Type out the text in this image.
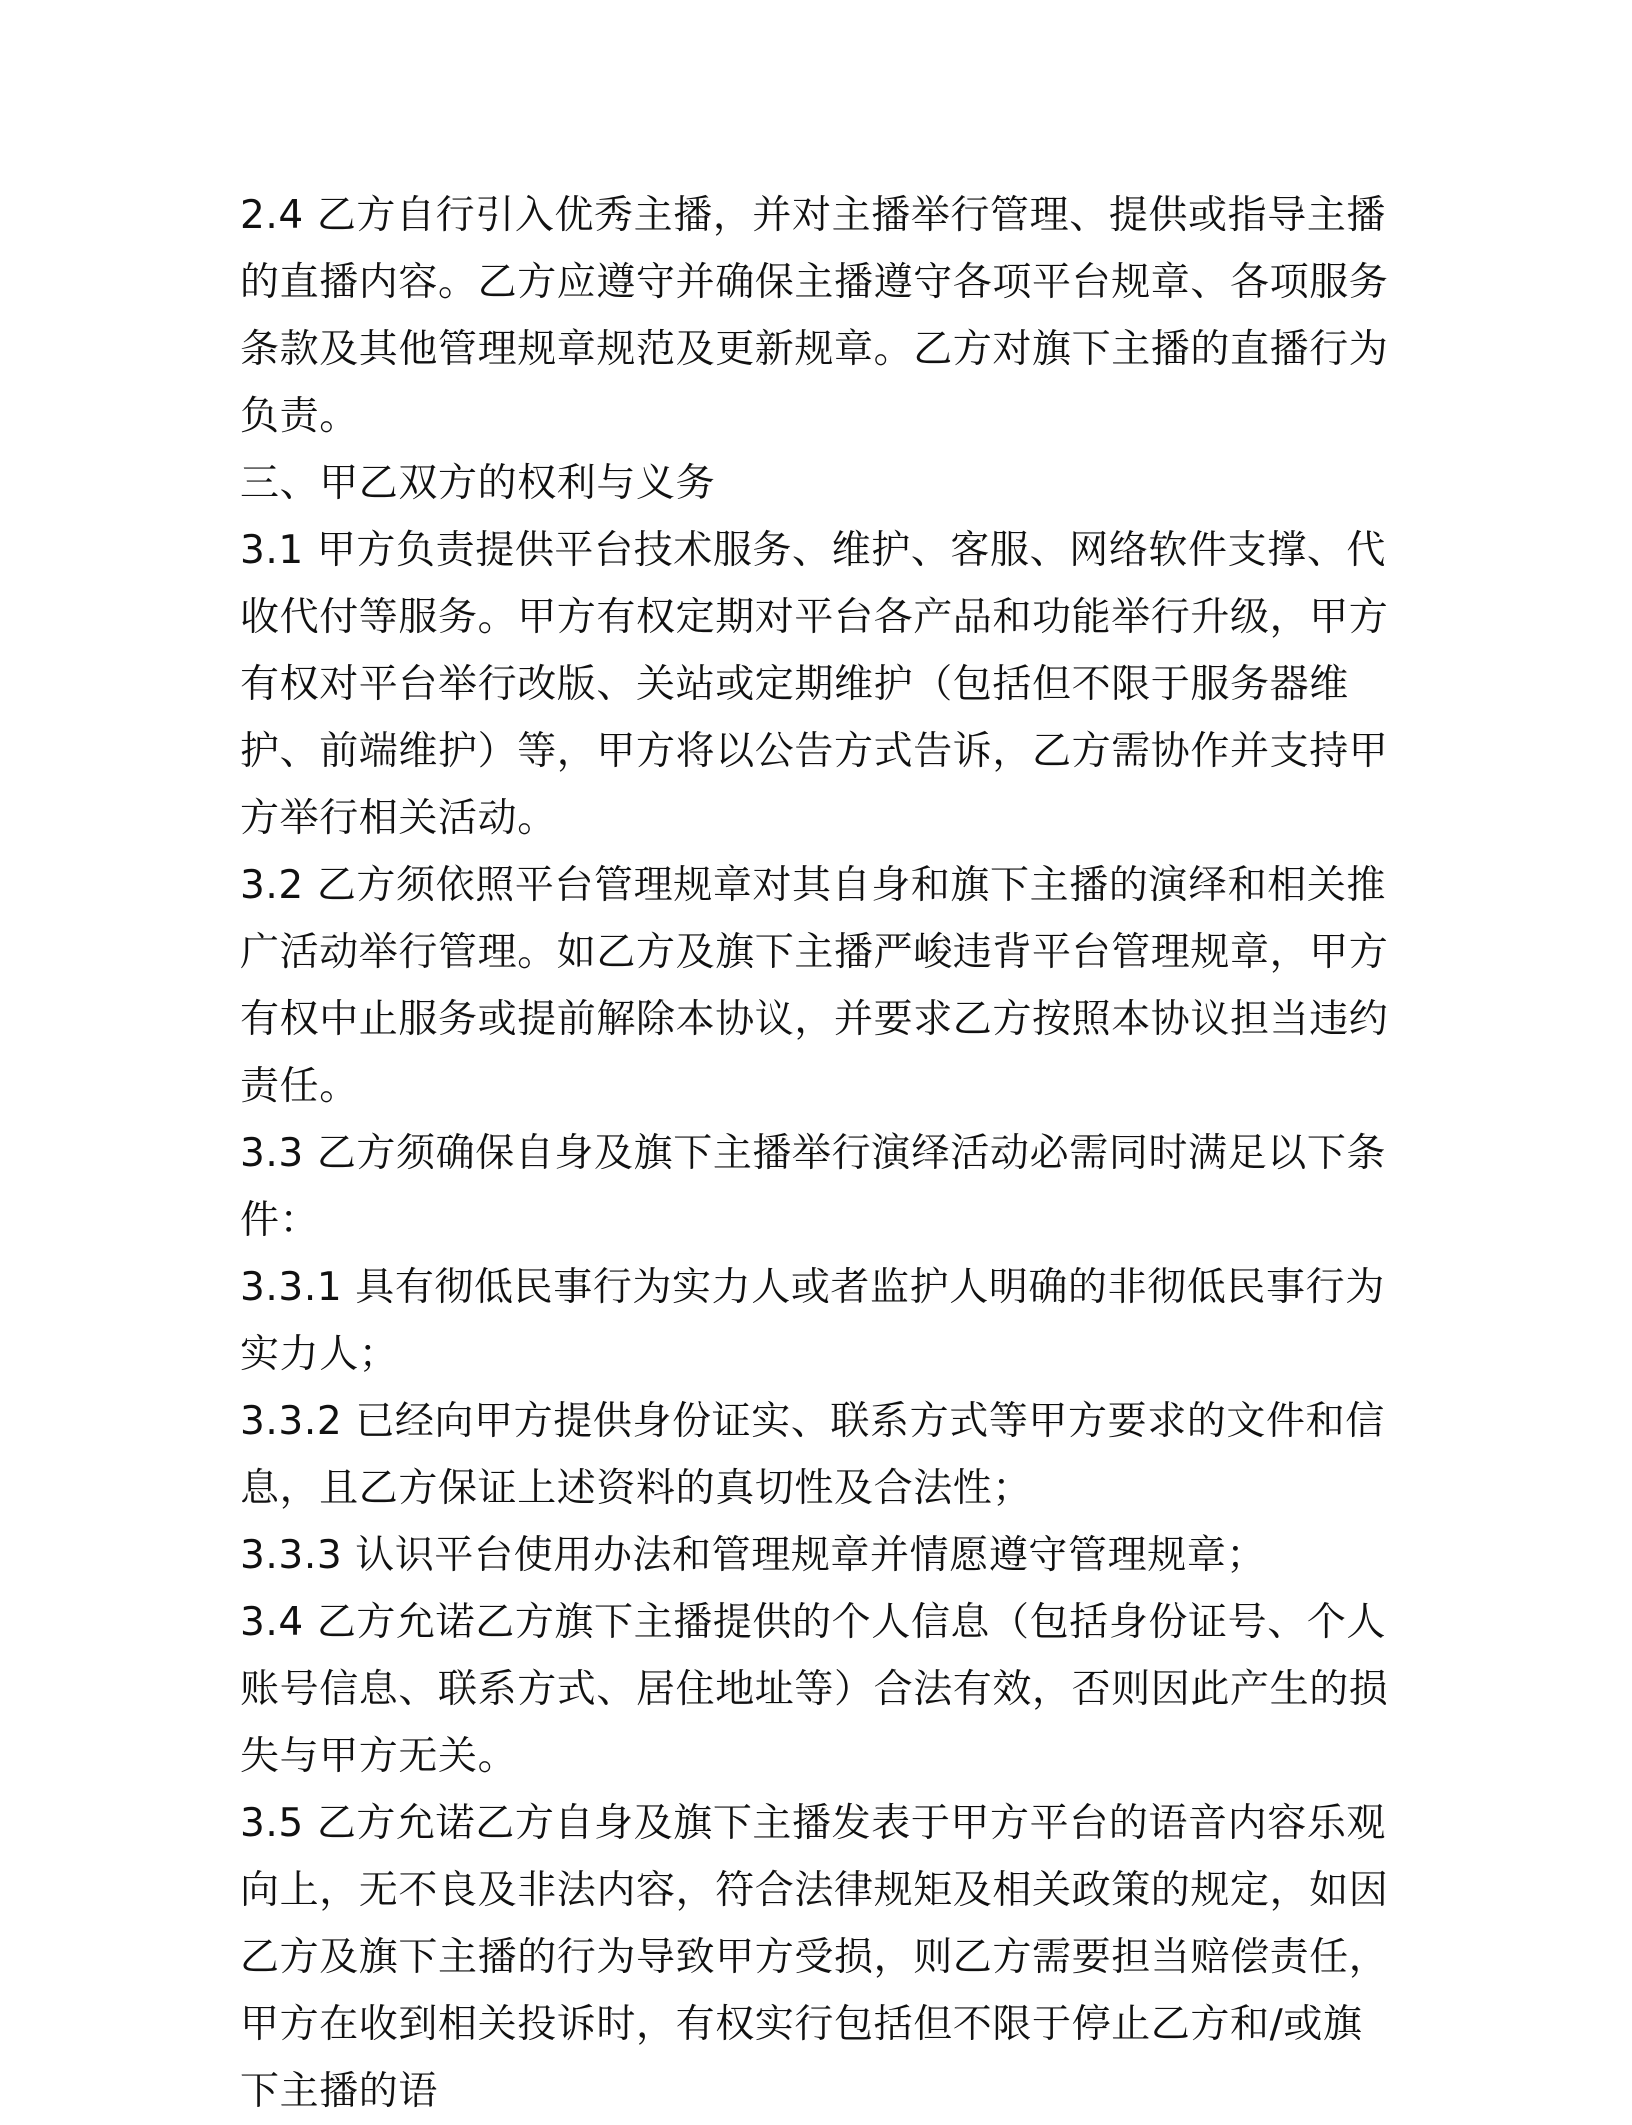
2.4 乙方自行引入优秀主播，并对主播举行管理、提供或指导主播的直播内容。乙方应遵守并确保主播遵守各项平台规章、各项服务条款及其他管理规章规范及更新规章。乙方对旗下主播的直播行为负责。

三、甲乙双方的权利与义务

3.1 甲方负责提供平台技术服务、维护、客服、网络软件支撑、代收代付等服务。甲方有权定期对平台各产品和功能举行升级，甲方有权对平台举行改版、关站或定期维护（包括但不限于服务器维护、前端维护）等，甲方将以公告方式告诉，乙方需协作并支持甲方举行相关活动。

3.2 乙方须依照平台管理规章对其自身和旗下主播的演绎和相关推广活动举行管理。如乙方及旗下主播严峻违背平台管理规章，甲方有权中止服务或提前解除本协议，并要求乙方按照本协议担当违约责任。

3.3 乙方须确保自身及旗下主播举行演绎活动必需同时满足以下条件：

3.3.1 具有彻低民事行为实力人或者监护人明确的非彻低民事行为实力人；

3.3.2 已经向甲方提供身份证实、联系方式等甲方要求的文件和信息，且乙方保证上述资料的真切性及合法性；

3.3.3 认识平台使用办法和管理规章并情愿遵守管理规章；

3.4 乙方允诺乙方旗下主播提供的个人信息（包括身份证号、个人账号信息、联系方式、居住地址等）合法有效，否则因此产生的损失与甲方无关。

3.5 乙方允诺乙方自身及旗下主播发表于甲方平台的语音内容乐观向上，无不良及非法内容，符合法律规矩及相关政策的规定，如因乙方及旗下主播的行为导致甲方受损，则乙方需要担当赔偿责任，甲方在收到相关投诉时，有权实行包括但不限于停止乙方和/或旗下主播的语
